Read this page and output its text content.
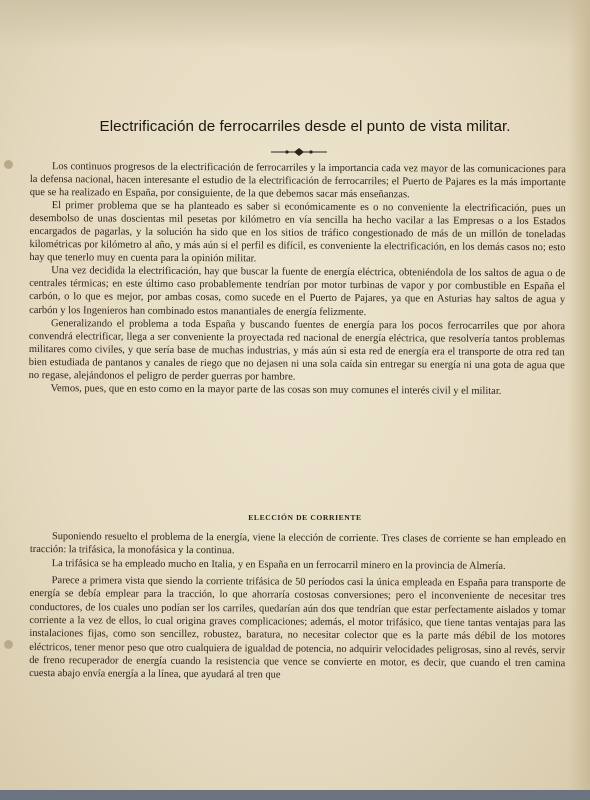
Electrificación de ferrocarriles desde el punto de vista militar.

Los continuos progresos de la electrificación de ferrocarriles y la importancia cada vez mayor de las comunicaciones para la defensa nacional, hacen interesante el estudio de la electrificación de ferrocarriles; el Puerto de Pajares es la más importante que se ha realizado en España, por consiguiente, de la que debemos sacar más enseñanzas.

El primer problema que se ha planteado es saber si económicamente es o no conveniente la electrificación, pues un desembolso de unas doscientas mil pesetas por kilómetro en vía sencilla ha hecho vacilar a las Empresas o a los Estados encargados de pagarlas, y la solución ha sido que en los sitios de tráfico congestionado de más de un millón de toneladas kilométricas por kilómetro al año, y más aún si el perfil es difícil, es conveniente la electrificación, en los demás casos no; esto hay que tenerlo muy en cuenta para la opinión militar.

Una vez decidida la electrificación, hay que buscar la fuente de energía eléctrica, obteniéndola de los saltos de agua o de centrales térmicas; en este último caso probablemente tendrían por motor turbinas de vapor y por combustible en España el carbón, o lo que es mejor, por ambas cosas, como sucede en el Puerto de Pajares, ya que en Asturias hay saltos de agua y carbón y los Ingenieros han combinado estos manantiales de energía felizmente.

Generalizando el problema a toda España y buscando fuentes de energía para los pocos ferrocarriles que por ahora convendrá electrificar, llega a ser conveniente la proyectada red nacional de energía eléctrica, que resolvería tantos problemas militares como civiles, y que sería base de muchas industrias, y más aún si esta red de energía era el transporte de otra red tan bien estudiada de pantanos y canales de riego que no dejasen ni una sola caída sin entregar su energía ni una gota de agua que no regase, alejándonos el peligro de perder guerras por hambre.

Vemos, pues, que en esto como en la mayor parte de las cosas son muy comunes el interés civil y el militar.

ELECCIÓN DE CORRIENTE

Suponiendo resuelto el problema de la energía, viene la elección de corriente. Tres clases de corriente se han empleado en tracción: la trifásica, la monofásica y la continua.

La trifásica se ha empleado mucho en Italia, y en España en un ferrocarril minero en la provincia de Almería.

Parece a primera vista que siendo la corriente trifásica de 50 períodos casi la única empleada en España para transporte de energía se debía emplear para la tracción, lo que ahorraría costosas conversiones; pero el inconveniente de necesitar tres conductores, de los cuales uno podían ser los carriles, quedarían aún dos que tendrían que estar perfectamente aislados y tomar corriente a la vez de ellos, lo cual origina graves complicaciones; además, el motor trifásico, que tiene tantas ventajas para las instalaciones fijas, como son sencillez, robustez, baratura, no necesitar colector que es la parte más débil de los motores eléctricos, tener menor peso que otro cualquiera de igualdad de potencia, no adquirir velocidades peligrosas, sino al revés, servir de freno recuperador de energía cuando la resistencia que vence se convierte en motor, es decir, que cuando el tren camina cuesta abajo envía energía a la línea, que ayudará al tren que
